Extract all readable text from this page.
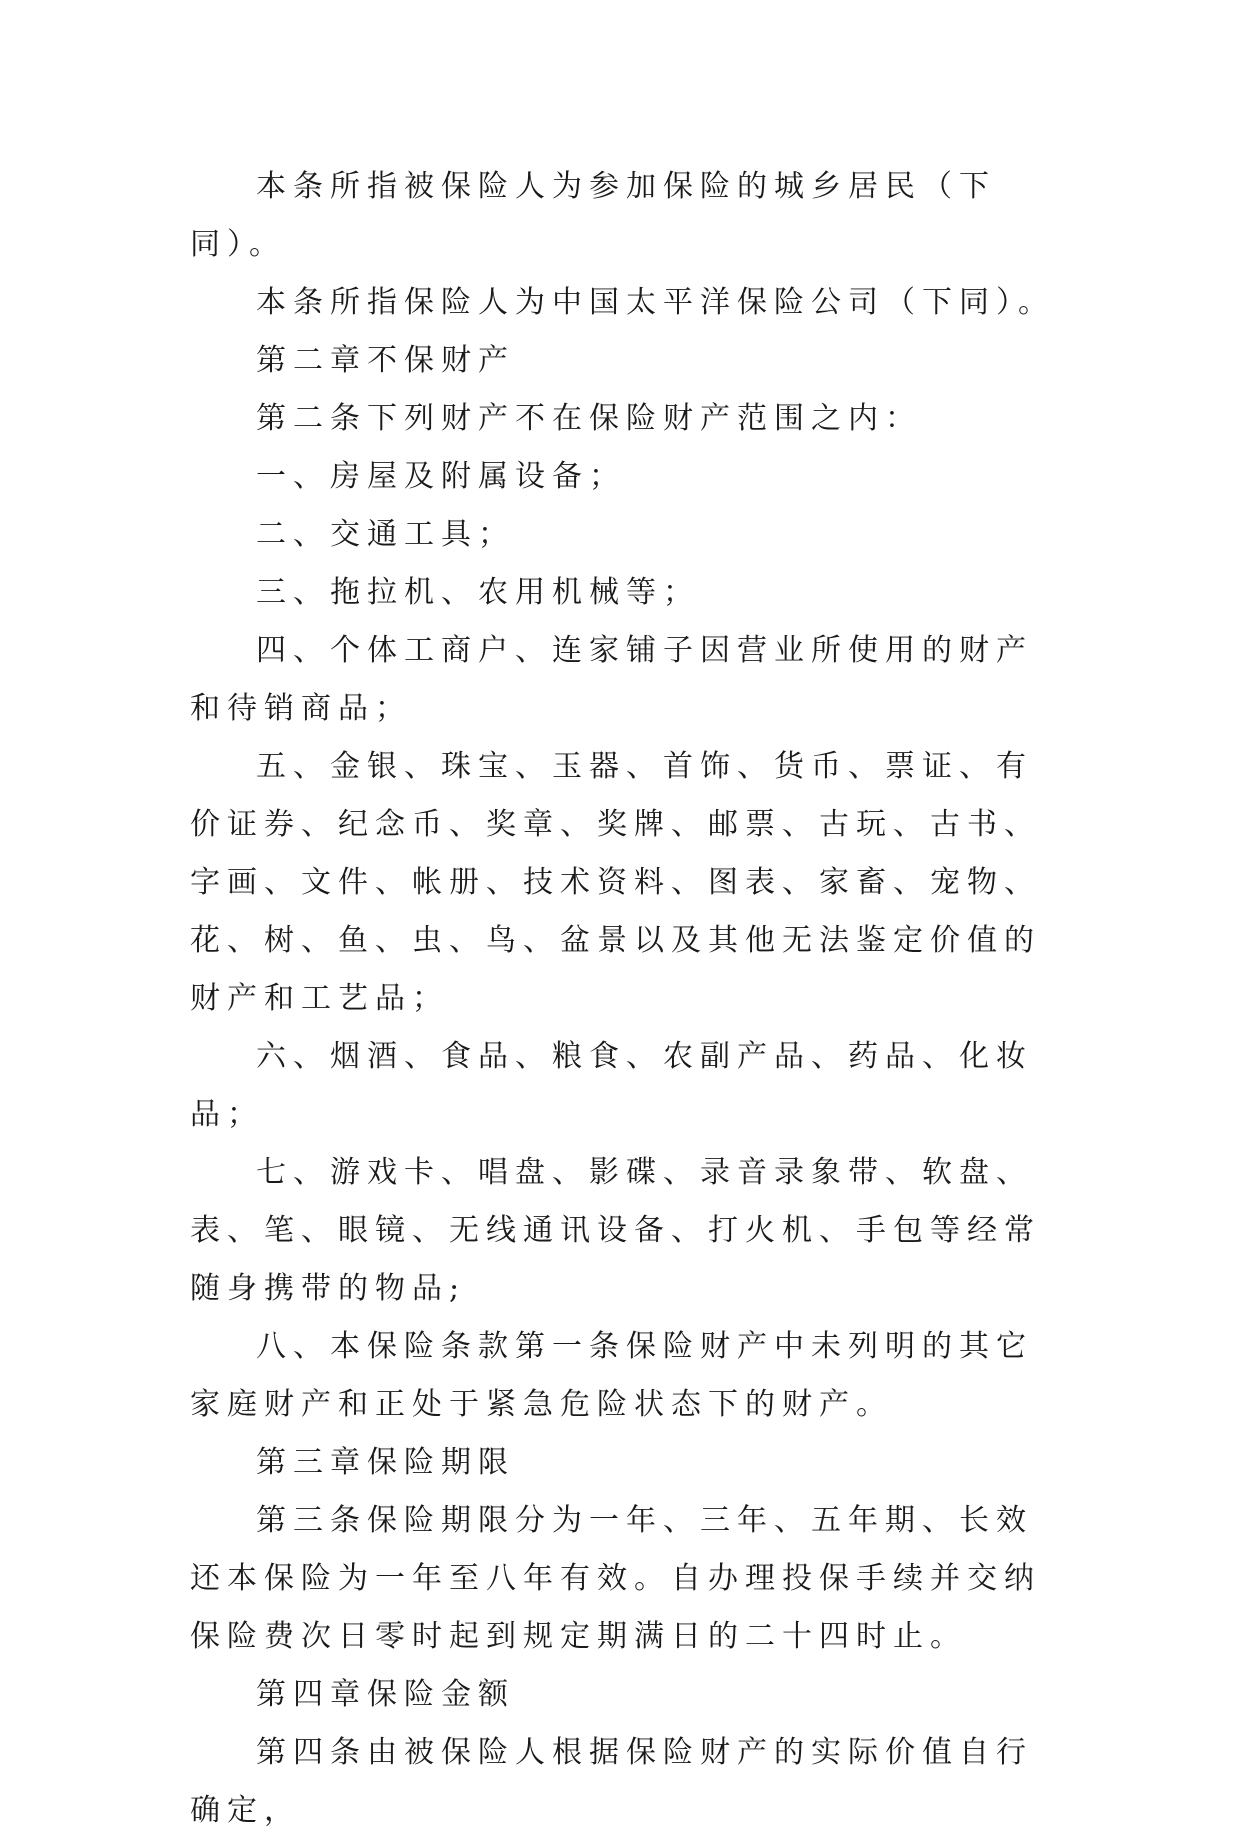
本条所指被保险人为参加保险的城乡居民（下同）。

本条所指保险人为中国太平洋保险公司（下同）。

第二章不保财产

第二条下列财产不在保险财产范围之内：

一、房屋及附属设备；

二、交通工具；

三、拖拉机、农用机械等；

四、个体工商户、连家铺子因营业所使用的财产和待销商品；

五、金银、珠宝、玉器、首饰、货币、票证、有价证券、纪念币、奖章、奖牌、邮票、古玩、古书、字画、文件、帐册、技术资料、图表、家畜、宠物、花、树、鱼、虫、鸟、盆景以及其他无法鉴定价值的财产和工艺品；

六、烟酒、食品、粮食、农副产品、药品、化妆品；

七、游戏卡、唱盘、影碟、录音录象带、软盘、表、笔、眼镜、无线通讯设备、打火机、手包等经常随身携带的物品;

八、本保险条款第一条保险财产中未列明的其它家庭财产和正处于紧急危险状态下的财产。

第三章保险期限

第三条保险期限分为一年、三年、五年期、长效还本保险为一年至八年有效。自办理投保手续并交纳保险费次日零时起到规定期满日的二十四时止。

第四章保险金额

第四条由被保险人根据保险财产的实际价值自行确定，
